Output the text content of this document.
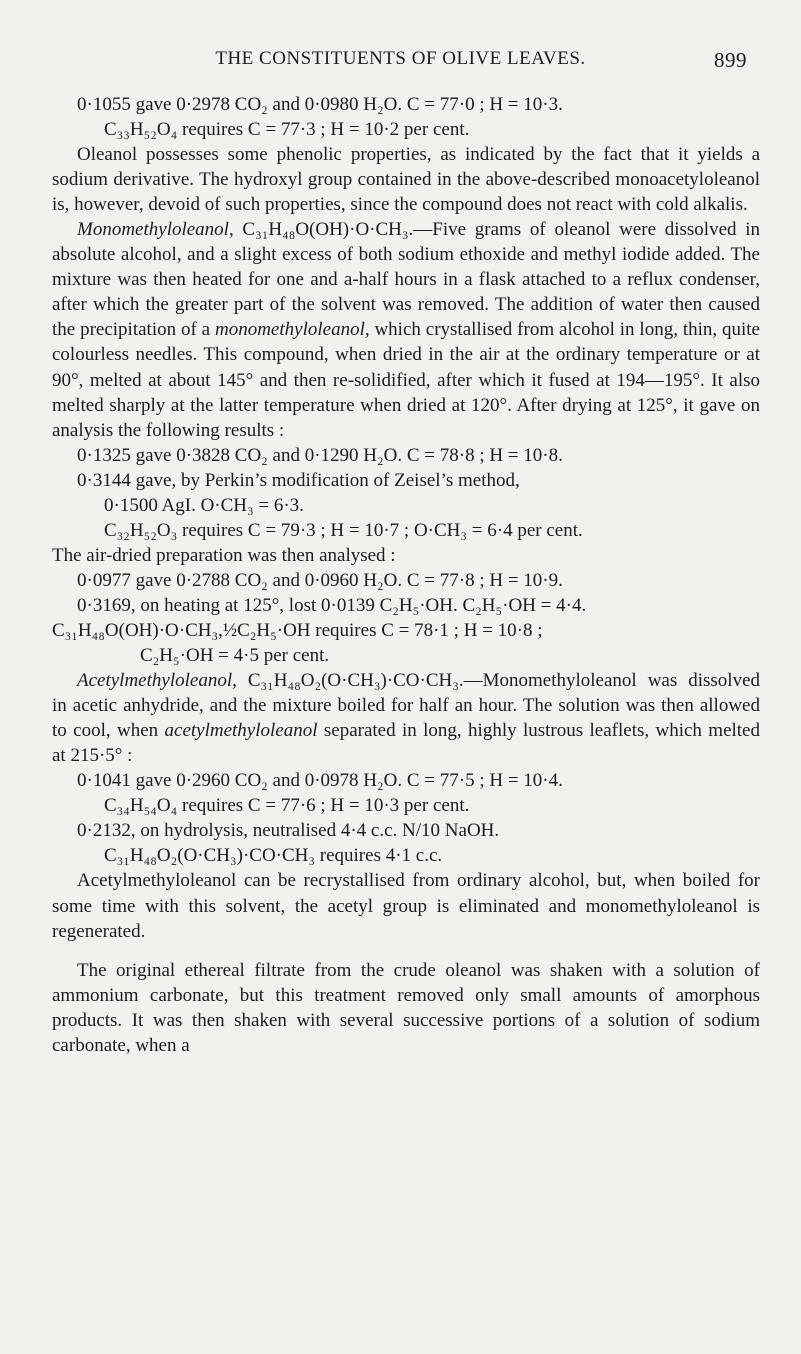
THE CONSTITUENTS OF OLIVE LEAVES.	899

0·1055 gave 0·2978 CO₂ and 0·0980 H₂O. C = 77·0 ; H = 10·3.

C₃₃H₅₂O₄ requires C = 77·3 ; H = 10·2 per cent.

Oleanol possesses some phenolic properties, as indicated by the fact that it yields a sodium derivative. The hydroxyl group contained in the above-described monoacetyloleanol is, however, devoid of such properties, since the compound does not react with cold alkalis.

Monomethyloleanol, C₃₁H₄₈O(OH)·O·CH₃.—Five grams of oleanol were dissolved in absolute alcohol, and a slight excess of both sodium ethoxide and methyl iodide added. The mixture was then heated for one and a-half hours in a flask attached to a reflux condenser, after which the greater part of the solvent was removed. The addition of water then caused the precipitation of a monomethyloleanol, which crystallised from alcohol in long, thin, quite colourless needles. This compound, when dried in the air at the ordinary temperature or at 90°, melted at about 145° and then re-solidified, after which it fused at 194—195°. It also melted sharply at the latter temperature when dried at 120°. After drying at 125°, it gave on analysis the following results :

0·1325 gave 0·3828 CO₂ and 0·1290 H₂O. C = 78·8 ; H = 10·8.

0·3144 gave, by Perkin’s modification of Zeisel’s method,

0·1500 AgI. O·CH₃ = 6·3.

C₃₂H₅₂O₃ requires C = 79·3 ; H = 10·7 ; O·CH₃ = 6·4 per cent.

The air-dried preparation was then analysed :

0·0977 gave 0·2788 CO₂ and 0·0960 H₂O. C = 77·8 ; H = 10·9.

0·3169, on heating at 125°, lost 0·0139 C₂H₅·OH. C₂H₅·OH = 4·4.

C₃₁H₄₈O(OH)·O·CH₃,½C₂H₅·OH requires C = 78·1 ; H = 10·8 ;

C₂H₅·OH = 4·5 per cent.

Acetylmethyloleanol, C₃₁H₄₈O₂(O·CH₃)·CO·CH₃.—Monomethyloleanol was dissolved in acetic anhydride, and the mixture boiled for half an hour. The solution was then allowed to cool, when acetylmethyloleanol separated in long, highly lustrous leaflets, which melted at 215·5° :

0·1041 gave 0·2960 CO₂ and 0·0978 H₂O. C = 77·5 ; H = 10·4.

C₃₄H₅₄O₄ requires C = 77·6 ; H = 10·3 per cent.

0·2132, on hydrolysis, neutralised 4·4 c.c. N/10 NaOH.

C₃₁H₄₈O₂(O·CH₃)·CO·CH₃ requires 4·1 c.c.

Acetylmethyloleanol can be recrystallised from ordinary alcohol, but, when boiled for some time with this solvent, the acetyl group is eliminated and monomethyloleanol is regenerated.

The original ethereal filtrate from the crude oleanol was shaken with a solution of ammonium carbonate, but this treatment removed only small amounts of amorphous products. It was then shaken with several successive portions of a solution of sodium carbonate, when a
